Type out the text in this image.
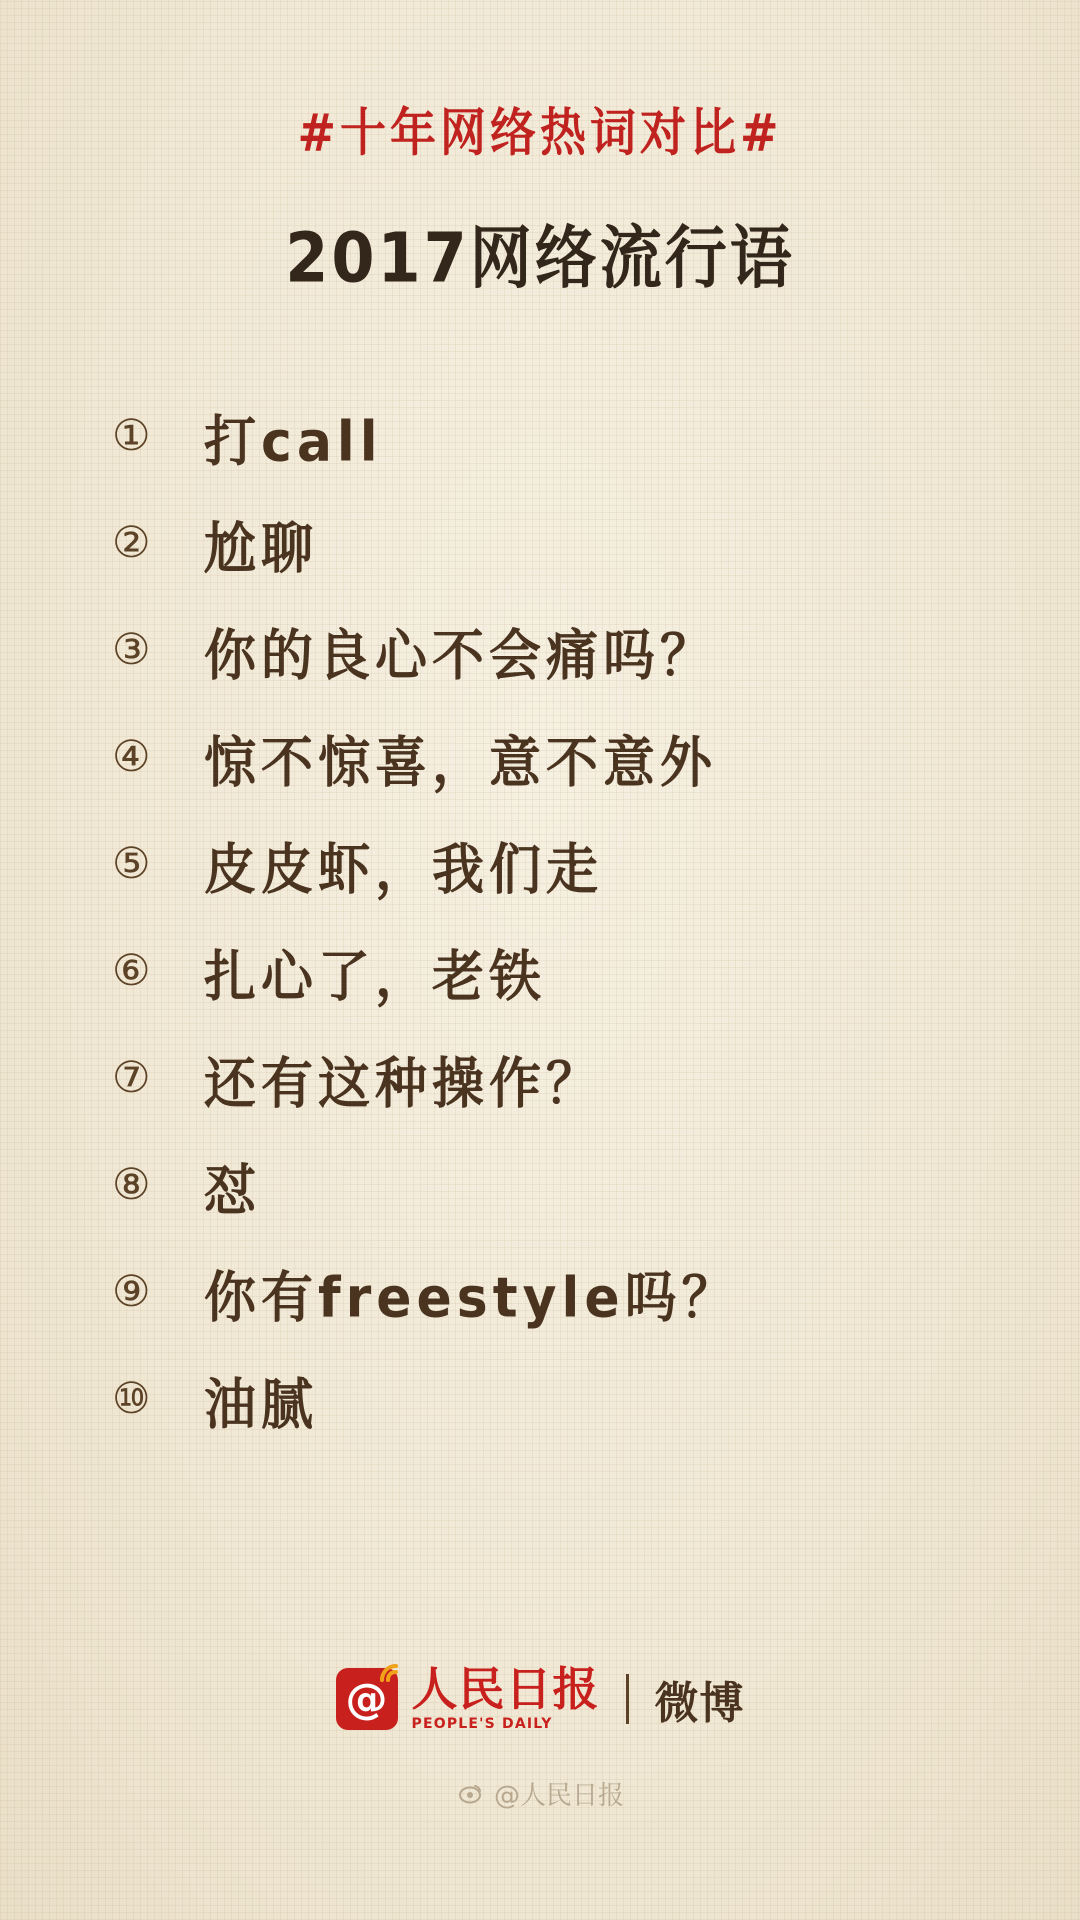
#十年网络热词对比#
2017网络流行语
①	打call
②	尬聊
③	你的良心不会痛吗？
④	惊不惊喜，意不意外
⑤	皮皮虾，我们走
⑥	扎心了，老铁
⑦	还有这种操作？
⑧	怼
⑨	你有freestyle吗？
⑩	油腻
@ 人民日报
PEOPLE'S DAILY 微博
@人民日报
